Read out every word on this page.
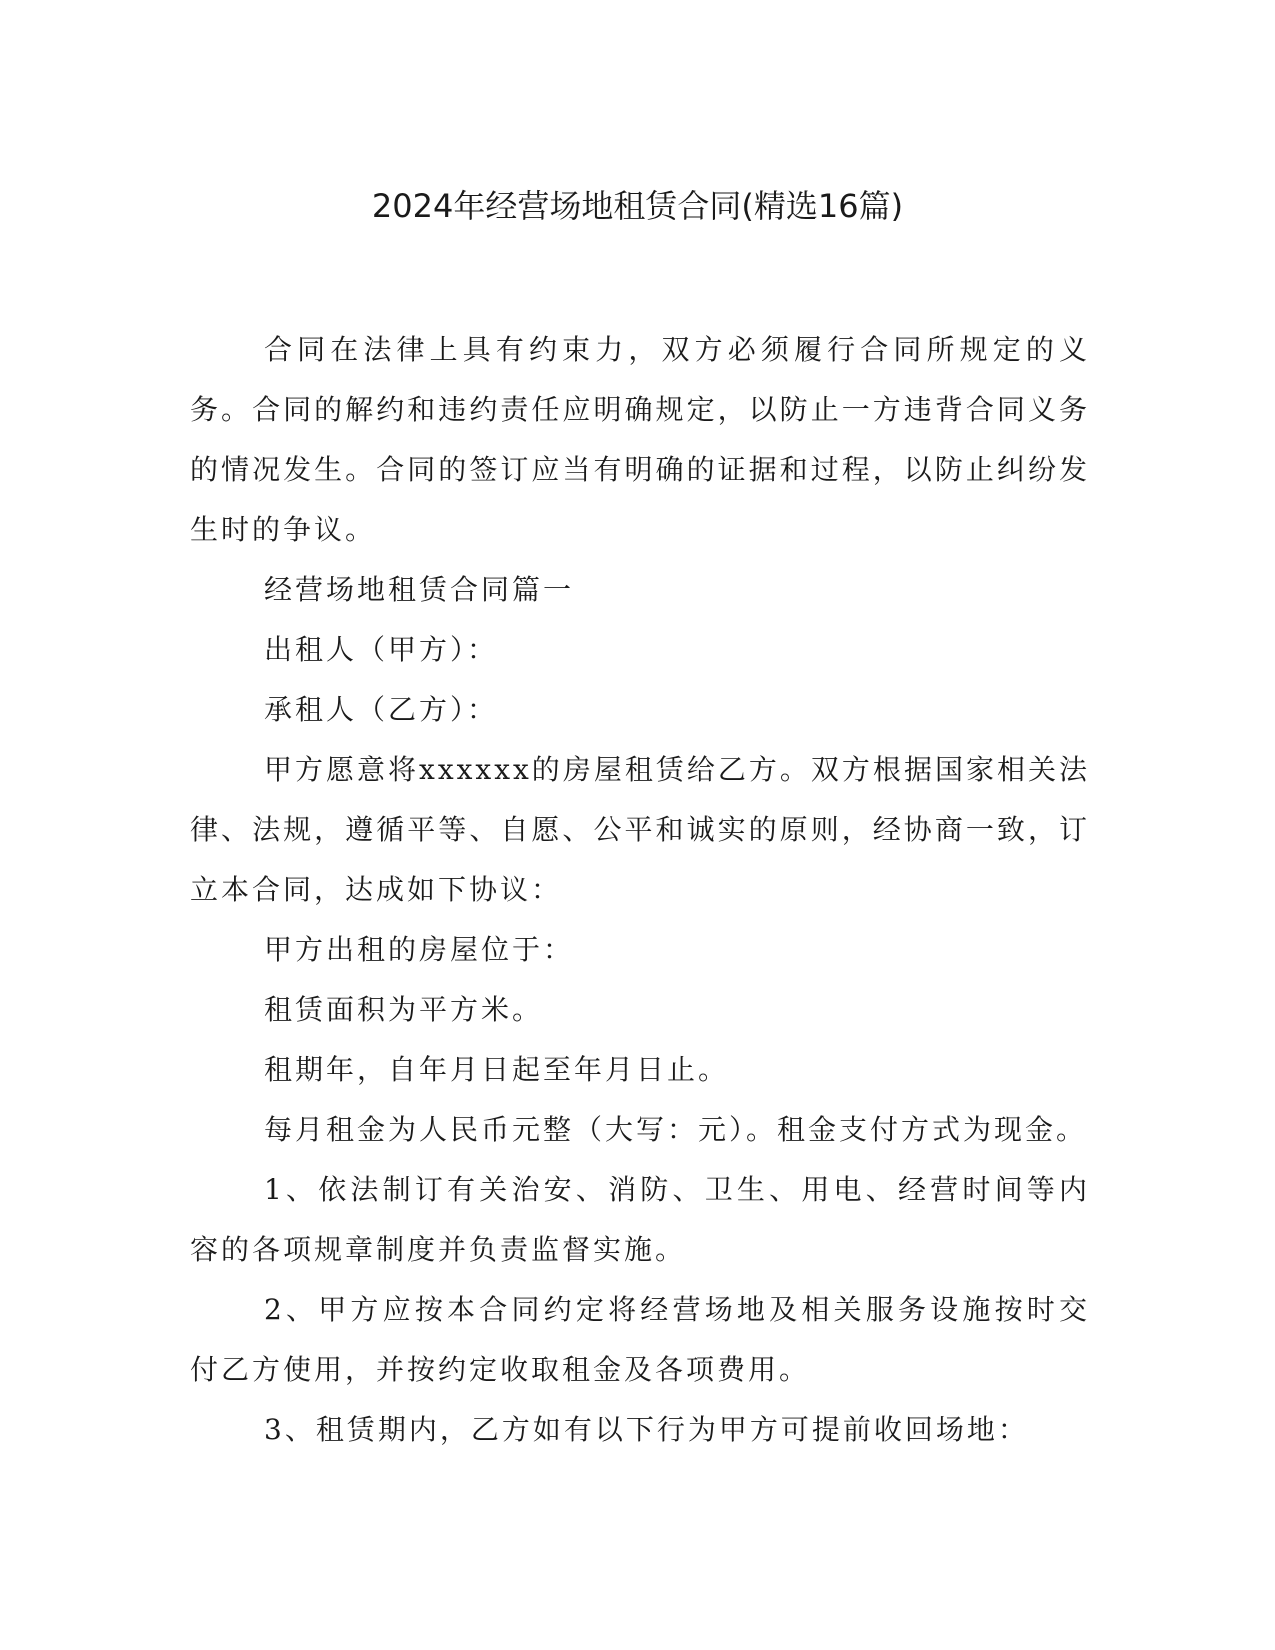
2024年经营场地租赁合同(精选16篇)

合同在法律上具有约束力，双方必须履行合同所规定的义务。合同的解约和违约责任应明确规定，以防止一方违背合同义务的情况发生。合同的签订应当有明确的证据和过程，以防止纠纷发生时的争议。

经营场地租赁合同篇一

出租人（甲方）：

承租人（乙方）：

甲方愿意将xxxxxx的房屋租赁给乙方。双方根据国家相关法律、法规，遵循平等、自愿、公平和诚实的原则，经协商一致，订立本合同，达成如下协议：

甲方出租的房屋位于：

租赁面积为平方米。

租期年，自年月日起至年月日止。

每月租金为人民币元整（大写：元）。租金支付方式为现金。

1、依法制订有关治安、消防、卫生、用电、经营时间等内容的各项规章制度并负责监督实施。

2、甲方应按本合同约定将经营场地及相关服务设施按时交付乙方使用，并按约定收取租金及各项费用。

3、租赁期内，乙方如有以下行为甲方可提前收回场地：
